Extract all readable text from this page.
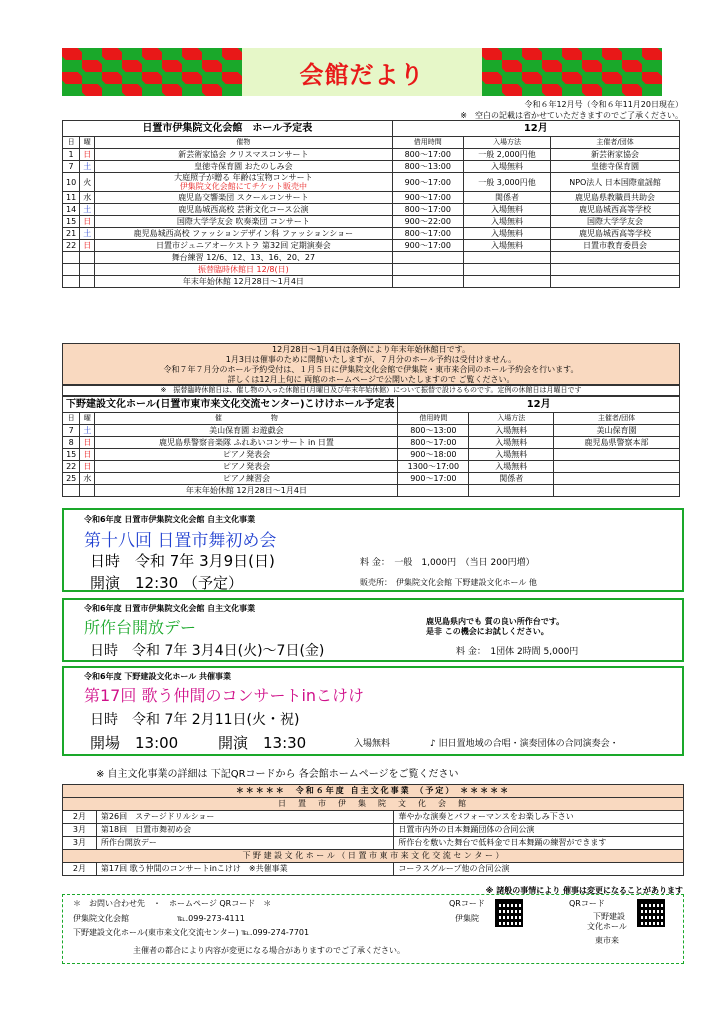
会館だより
令和６年12月号（令和６年11月20日現在）
※　空白の記載は省かせていただきますのでご了承ください。
日置市伊集院文化会館　ホール予定表			12月		
日	曜	催物	借用時間	入場方法	主催者/団体
1	日	新芸術家協会 クリスマスコンサート	800〜17:00	一般 2,000円他	新芸術家協会
7	土	皇徳寺保育園 おたのしみ会	800〜13:00	入場無料	皇徳寺保育園
10	火	大庭照子が贈る 年齢は宝物コンサート
伊集院文化会館にてチケット販売中	900〜17:00	一般 3,000円他	NPO法人 日本国際童謡館
11	水	鹿児島交響楽団 スクールコンサート	900〜17:00	関係者	鹿児島県教職員共助会
14	土	鹿児島城西高校 芸術文化コース公演	800〜17:00	入場無料	鹿児島城西高等学校
15	日	国際大学学友会 吹奏楽団 コンサート	900〜22:00	入場無料	国際大学学友会
21	土	鹿児島城西高校 ファッションデザイン科 ファッションショー	800〜17:00	入場無料	鹿児島城西高等学校
22	日	日置市ジュニアオーケストラ 第32回 定期演奏会	900〜17:00	入場無料	日置市教育委員会
		舞台練習 12/6、12、13、16、20、27			
		振替臨時休館日 12/8(日)			
		年末年始休館 12月28日〜1月4日			
12月28日〜1月4日は条例により年末年始休館日です。
1月3日は催事のために開館いたしますが、７月分のホール予約は受付けません。
令和７年７月分のホール予約受付は、１月５日に伊集院文化会館で伊集院・東市来合同のホール予約会を行います。
詳しくは12月上旬に 両館のホームページで公開いたしますので ご覧ください。
※　振替臨時休館日は、催し物の入った休館日(月曜日及び年末年始休館）について振替で設けるものです。定例の休館日は月曜日です
下野建設文化ホール(日置市東市来文化交流センター)こけけホール予定表			12月		
日	曜	催　　　　　　　物	借用時間	入場方法	主催者/団体
7	土	美山保育園 お遊戯会	800〜13:00	入場無料	美山保育園
8	日	鹿児島県警察音楽隊 ふれあいコンサート in 日置	800〜17:00	入場無料	鹿児島県警察本部
15	日	ピアノ発表会	900〜18:00	入場無料	
22	日	ピアノ発表会	1300〜17:00	入場無料	
25	水	ピアノ練習会	900〜17:00	関係者	
		年末年始休館 12月28日〜1月4日			
令和6年度 日置市伊集院文化会館 自主文化事業
第十八回 日置市舞初め会
日時　令和 7年 3月9日(日)
開演　12:30 （予定）
料 金：　一般　1,000円　（当日 200円増）
販売所：　伊集院文化会館 下野建設文化ホール 他
令和6年度 日置市伊集院文化会館 自主文化事業
所作台開放デー
日時　令和 7年 3月4日(火)〜7日(金)
鹿児島県内でも 質の良い所作台です。
是非 この機会にお試しください。
料 金：　1団体 2時間 5,000円
令和6年度 下野建設文化ホール 共催事業
第17回 歌う仲間のコンサートinこけけ
日時　令和 7年 2月11日(火・祝)
開場　13:00	開演　13:30	入場無料	♪ 旧日置地域の合唱・演奏団体の合同演奏会・
※ 自主文化事業の詳細は 下記QRコードから 各会館ホームページをご覧ください
＊＊＊＊＊　令和６年度 自主文化事業 （予定） ＊＊＊＊＊		
日　置　市　伊　集　院　文　化　会　館		
2月	第26回　ステージドリルショー	華やかな演奏とパフォーマンスをお楽しみ下さい
3月	第18回　日置市舞初め会	日置市内外の日本舞踊団体の合同公演
3月	所作台開放デー	所作台を敷いた舞台で低料金で日本舞踊の練習ができます
下 野 建 設 文 化 ホ ー ル （ 日 置 市 東 市 来 文 化 交 流 セ ン タ ー ）		
2月	第17回 歌う仲間のコンサートinこけけ　※共催事業	コーラスグループ他の合同公演
※ 諸般の事情により 催事は変更になることがあります
＊　お問い合わせ先　・　ホームページ QRコード　＊
伊集院文化会館　　　　　　℡.099-273-4111
下野建設文化ホール(東市来文化交流センター) ℡.099-274-7701
主催者の都合により内容が変更になる場合がありますのでご了承ください。
QRコード
伊集院
QRコード
下野建設
文化ホール
東市来
